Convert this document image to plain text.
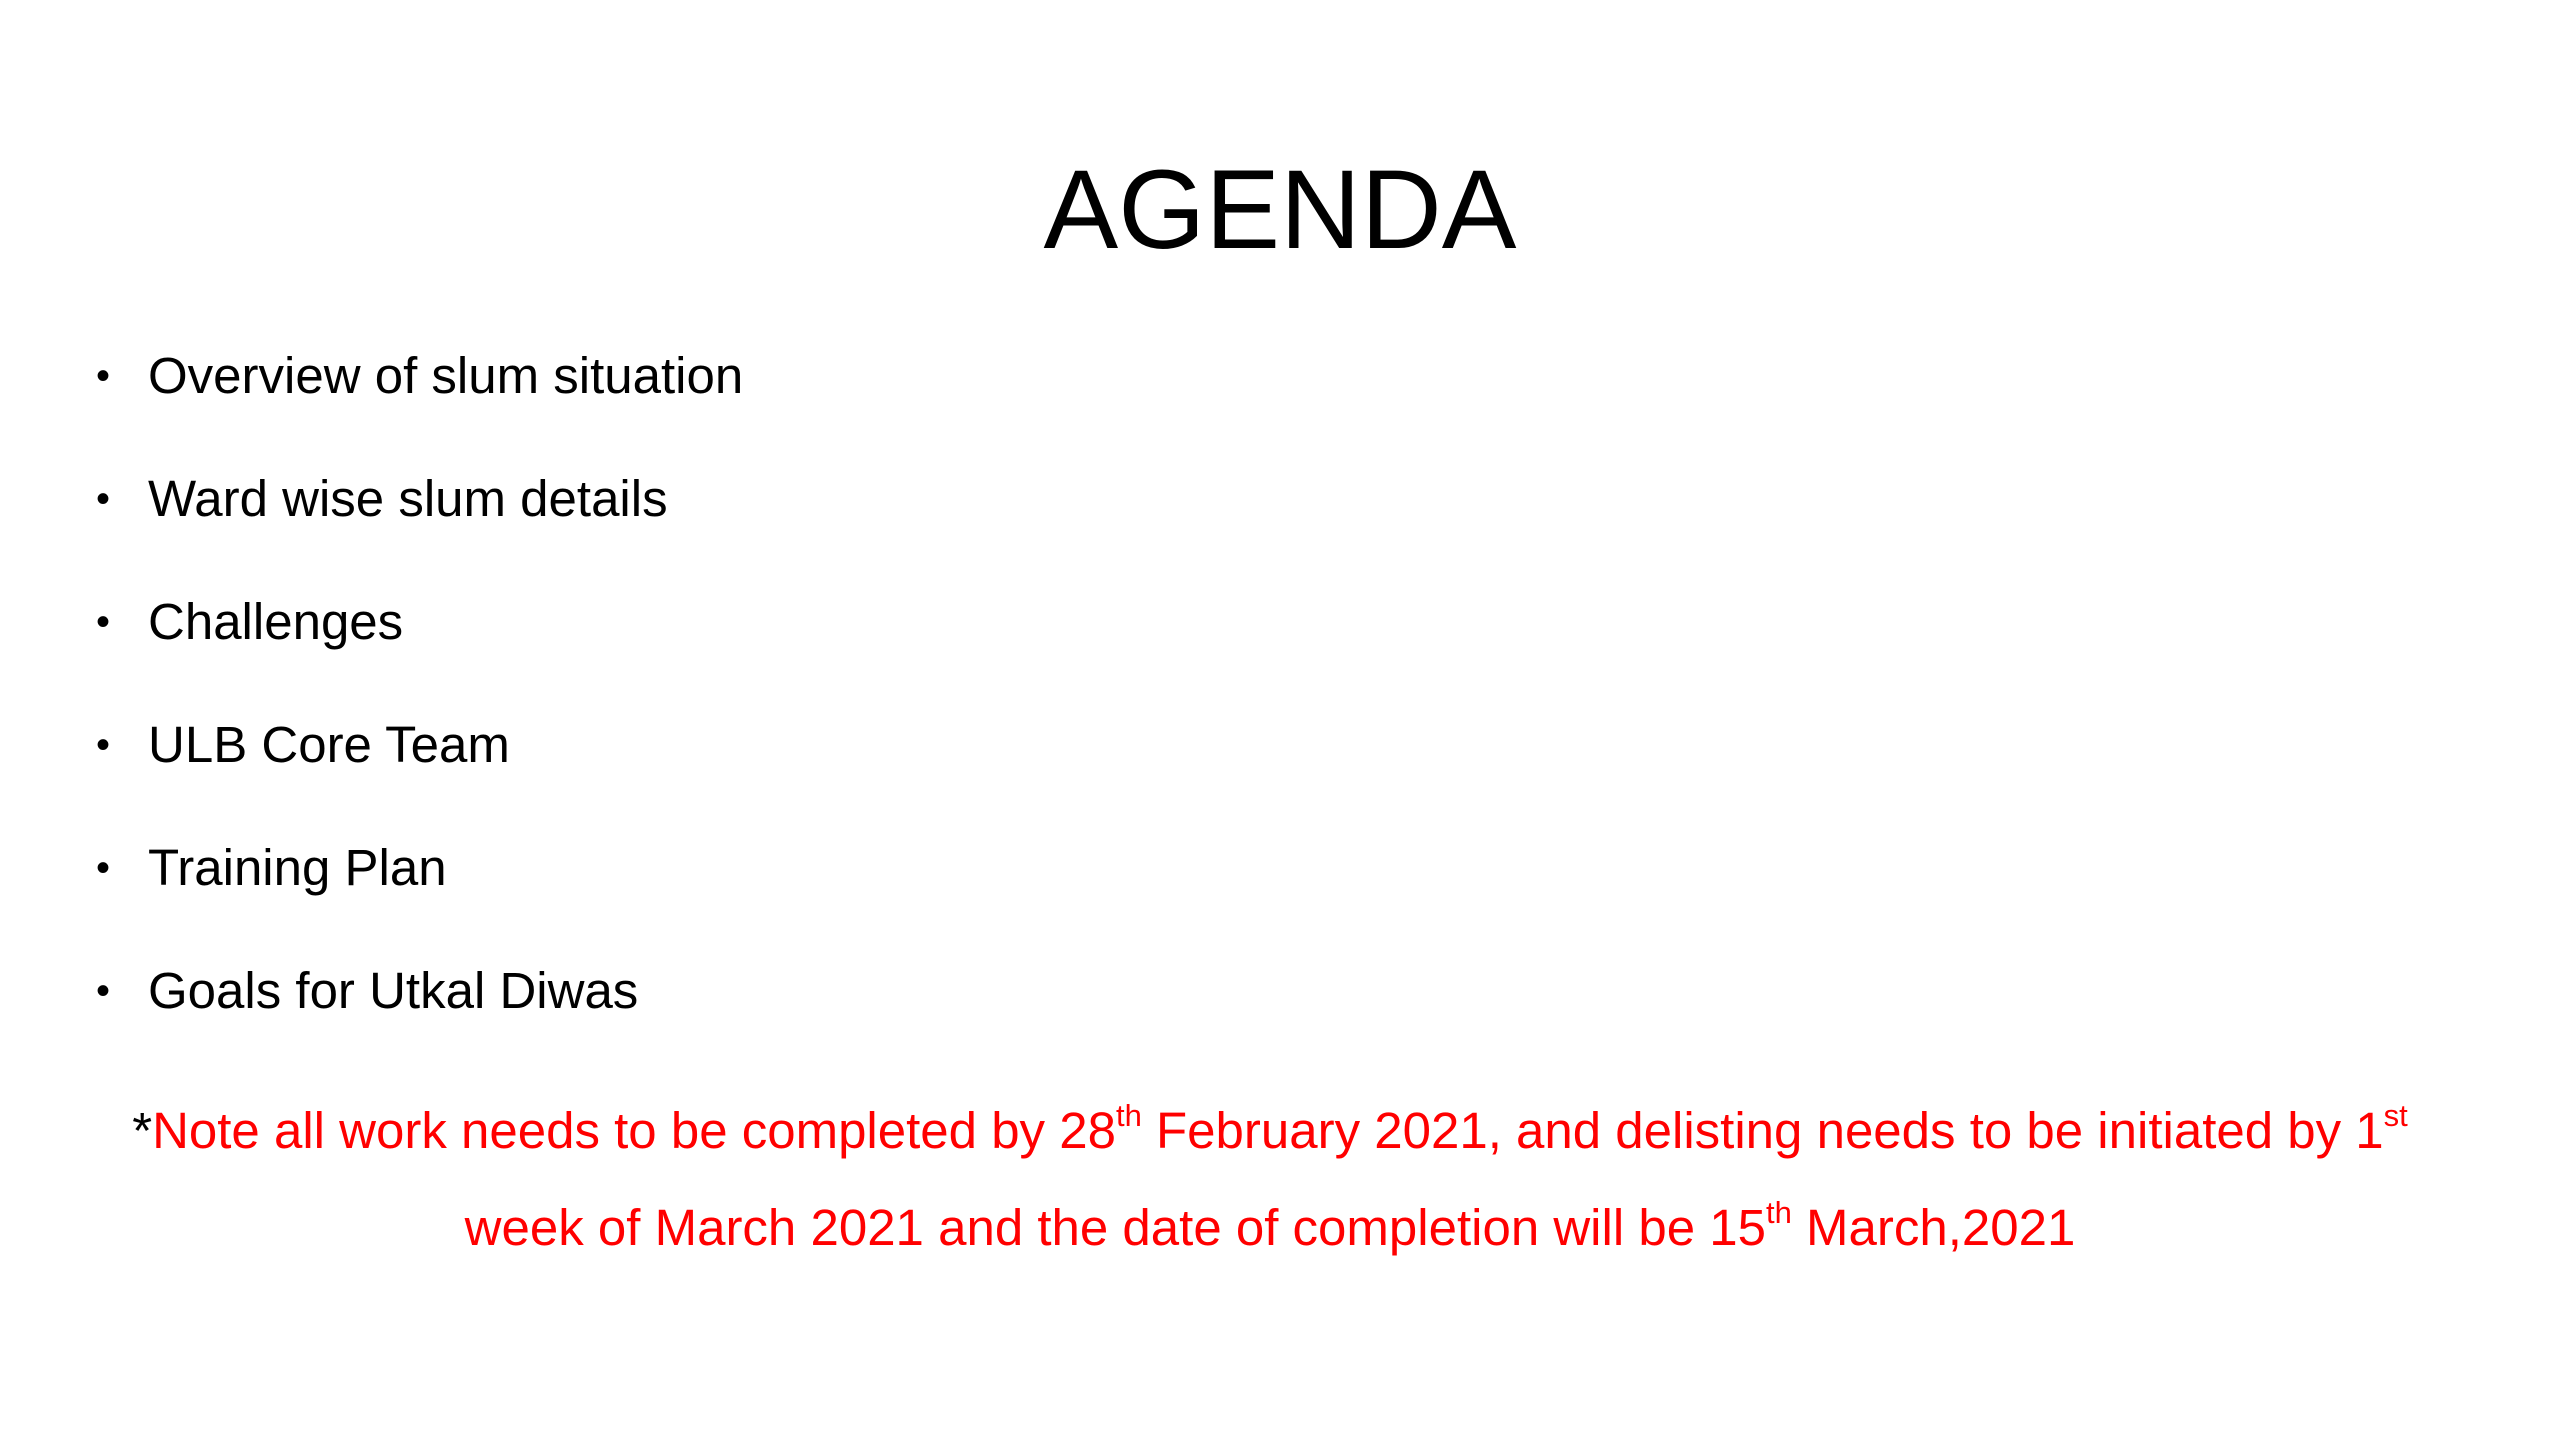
AGENDA
• Overview of slum situation
• Ward wise slum details
• Challenges
• ULB Core Team
• Training Plan
• Goals for Utkal Diwas

*Note all work needs to be completed by 28th February 2021, and delisting needs to be initiated by 1st week of March 2021 and the date of completion will be 15th March,2021
